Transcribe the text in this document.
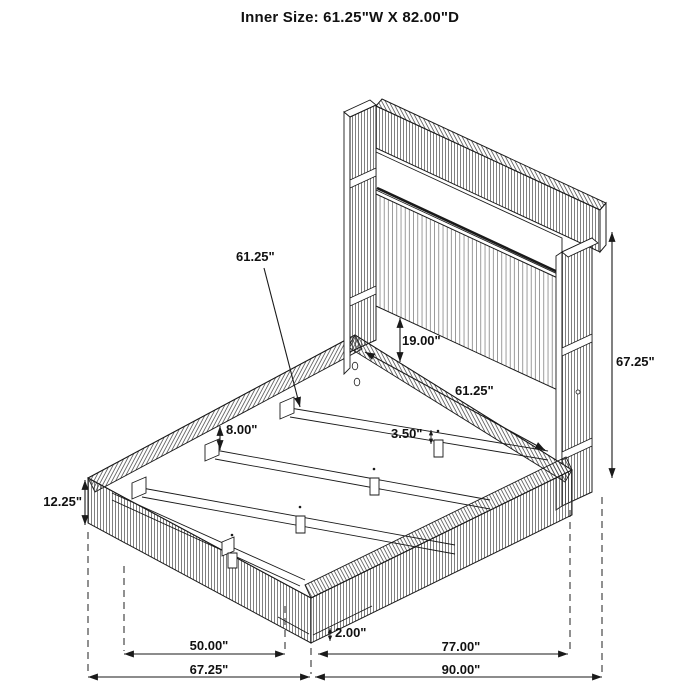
Inner Size: 61.25"W X 82.00"D
61.25"
19.00"
61.25"
3.50"
67.25"
12.25"
8.00"
2.00"
50.00"
67.25"
77.00"
90.00"
